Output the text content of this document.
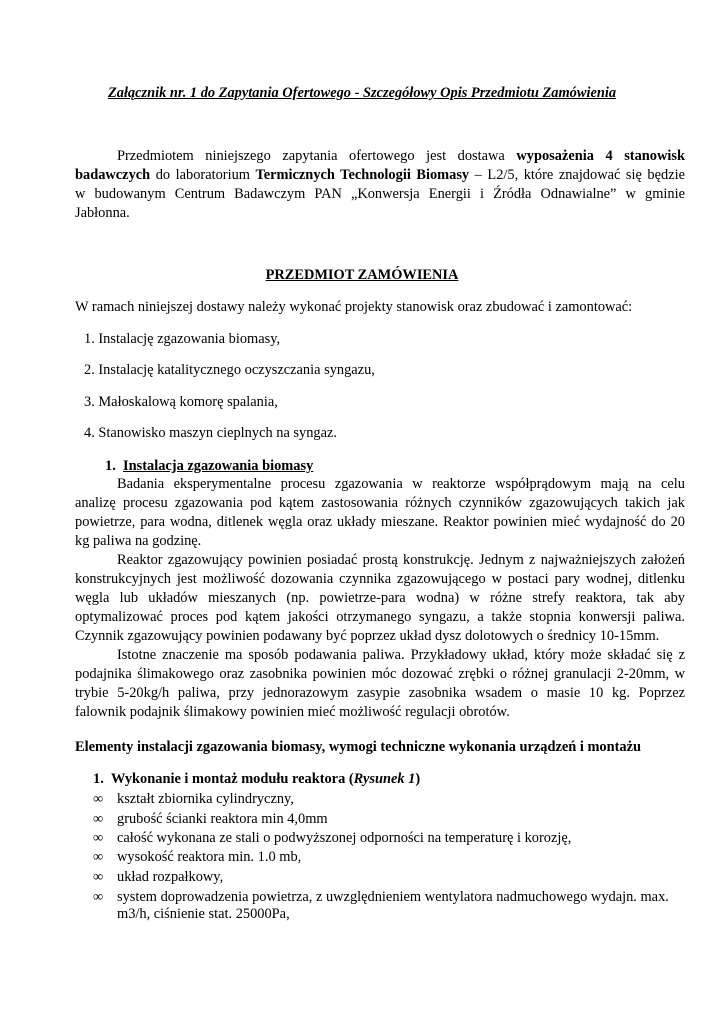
Załącznik nr. 1 do Zapytania Ofertowego - Szczegółowy Opis Przedmiotu Zamówienia
Przedmiotem niniejszego zapytania ofertowego jest dostawa wyposażenia 4 stanowisk
badawczych do laboratorium Termicznych Technologii Biomasy – L2/5, które znajdować się będzie
w budowanym Centrum Badawczym PAN „Konwersja Energii i Źródła Odnawialne” w gminie
Jabłonna.
PRZEDMIOT ZAMÓWIENIA
W ramach niniejszej dostawy należy wykonać projekty stanowisk oraz zbudować i zamontować:
1. Instalację zgazowania biomasy,
2. Instalację katalitycznego oczyszczania syngazu,
3. Małoskalową komorę spalania,
4. Stanowisko maszyn cieplnych na syngaz.
1. Instalacja zgazowania biomasy
Badania eksperymentalne procesu zgazowania w reaktorze współprądowym mają na celu
analizę procesu zgazowania pod kątem zastosowania różnych czynników zgazowujących takich jak
powietrze, para wodna, ditlenek węgla oraz układy mieszane. Reaktor powinien mieć wydajność do 20
kg paliwa na godzinę.
Reaktor zgazowujący powinien posiadać prostą konstrukcję. Jednym z najważniejszych założeń
konstrukcyjnych jest możliwość dozowania czynnika zgazowującego w postaci pary wodnej, ditlenku
węgla lub układów mieszanych (np. powietrze-para wodna) w różne strefy reaktora, tak aby
optymalizować proces pod kątem jakości otrzymanego syngazu, a także stopnia konwersji paliwa.
Czynnik zgazowujący powinien podawany być poprzez układ dysz dolotowych o średnicy 10-15mm.
Istotne znaczenie ma sposób podawania paliwa. Przykładowy układ, który może składać się z
podajnika ślimakowego oraz zasobnika powinien móc dozować zrębki o różnej granulacji 2-20mm, w
trybie 5-20kg/h paliwa, przy jednorazowym zasypie zasobnika wsadem o masie 10 kg. Poprzez
falownik podajnik ślimakowy powinien mieć możliwość regulacji obrotów.
Elementy instalacji zgazowania biomasy, wymogi techniczne wykonania urządzeń i montażu
1. Wykonanie i montaż modułu reaktora (Rysunek 1)
∞ kształt zbiornika cylindryczny,
∞ grubość ścianki reaktora min 4,0mm
∞ całość wykonana ze stali o podwyższonej odporności na temperaturę i korozję,
∞ wysokość reaktora min. 1.0 mb,
∞ układ rozpałkowy,
∞ system doprowadzenia powietrza, z uwzględnieniem wentylatora nadmuchowego wydajn. max.
m3/h, ciśnienie stat. 25000Pa,
